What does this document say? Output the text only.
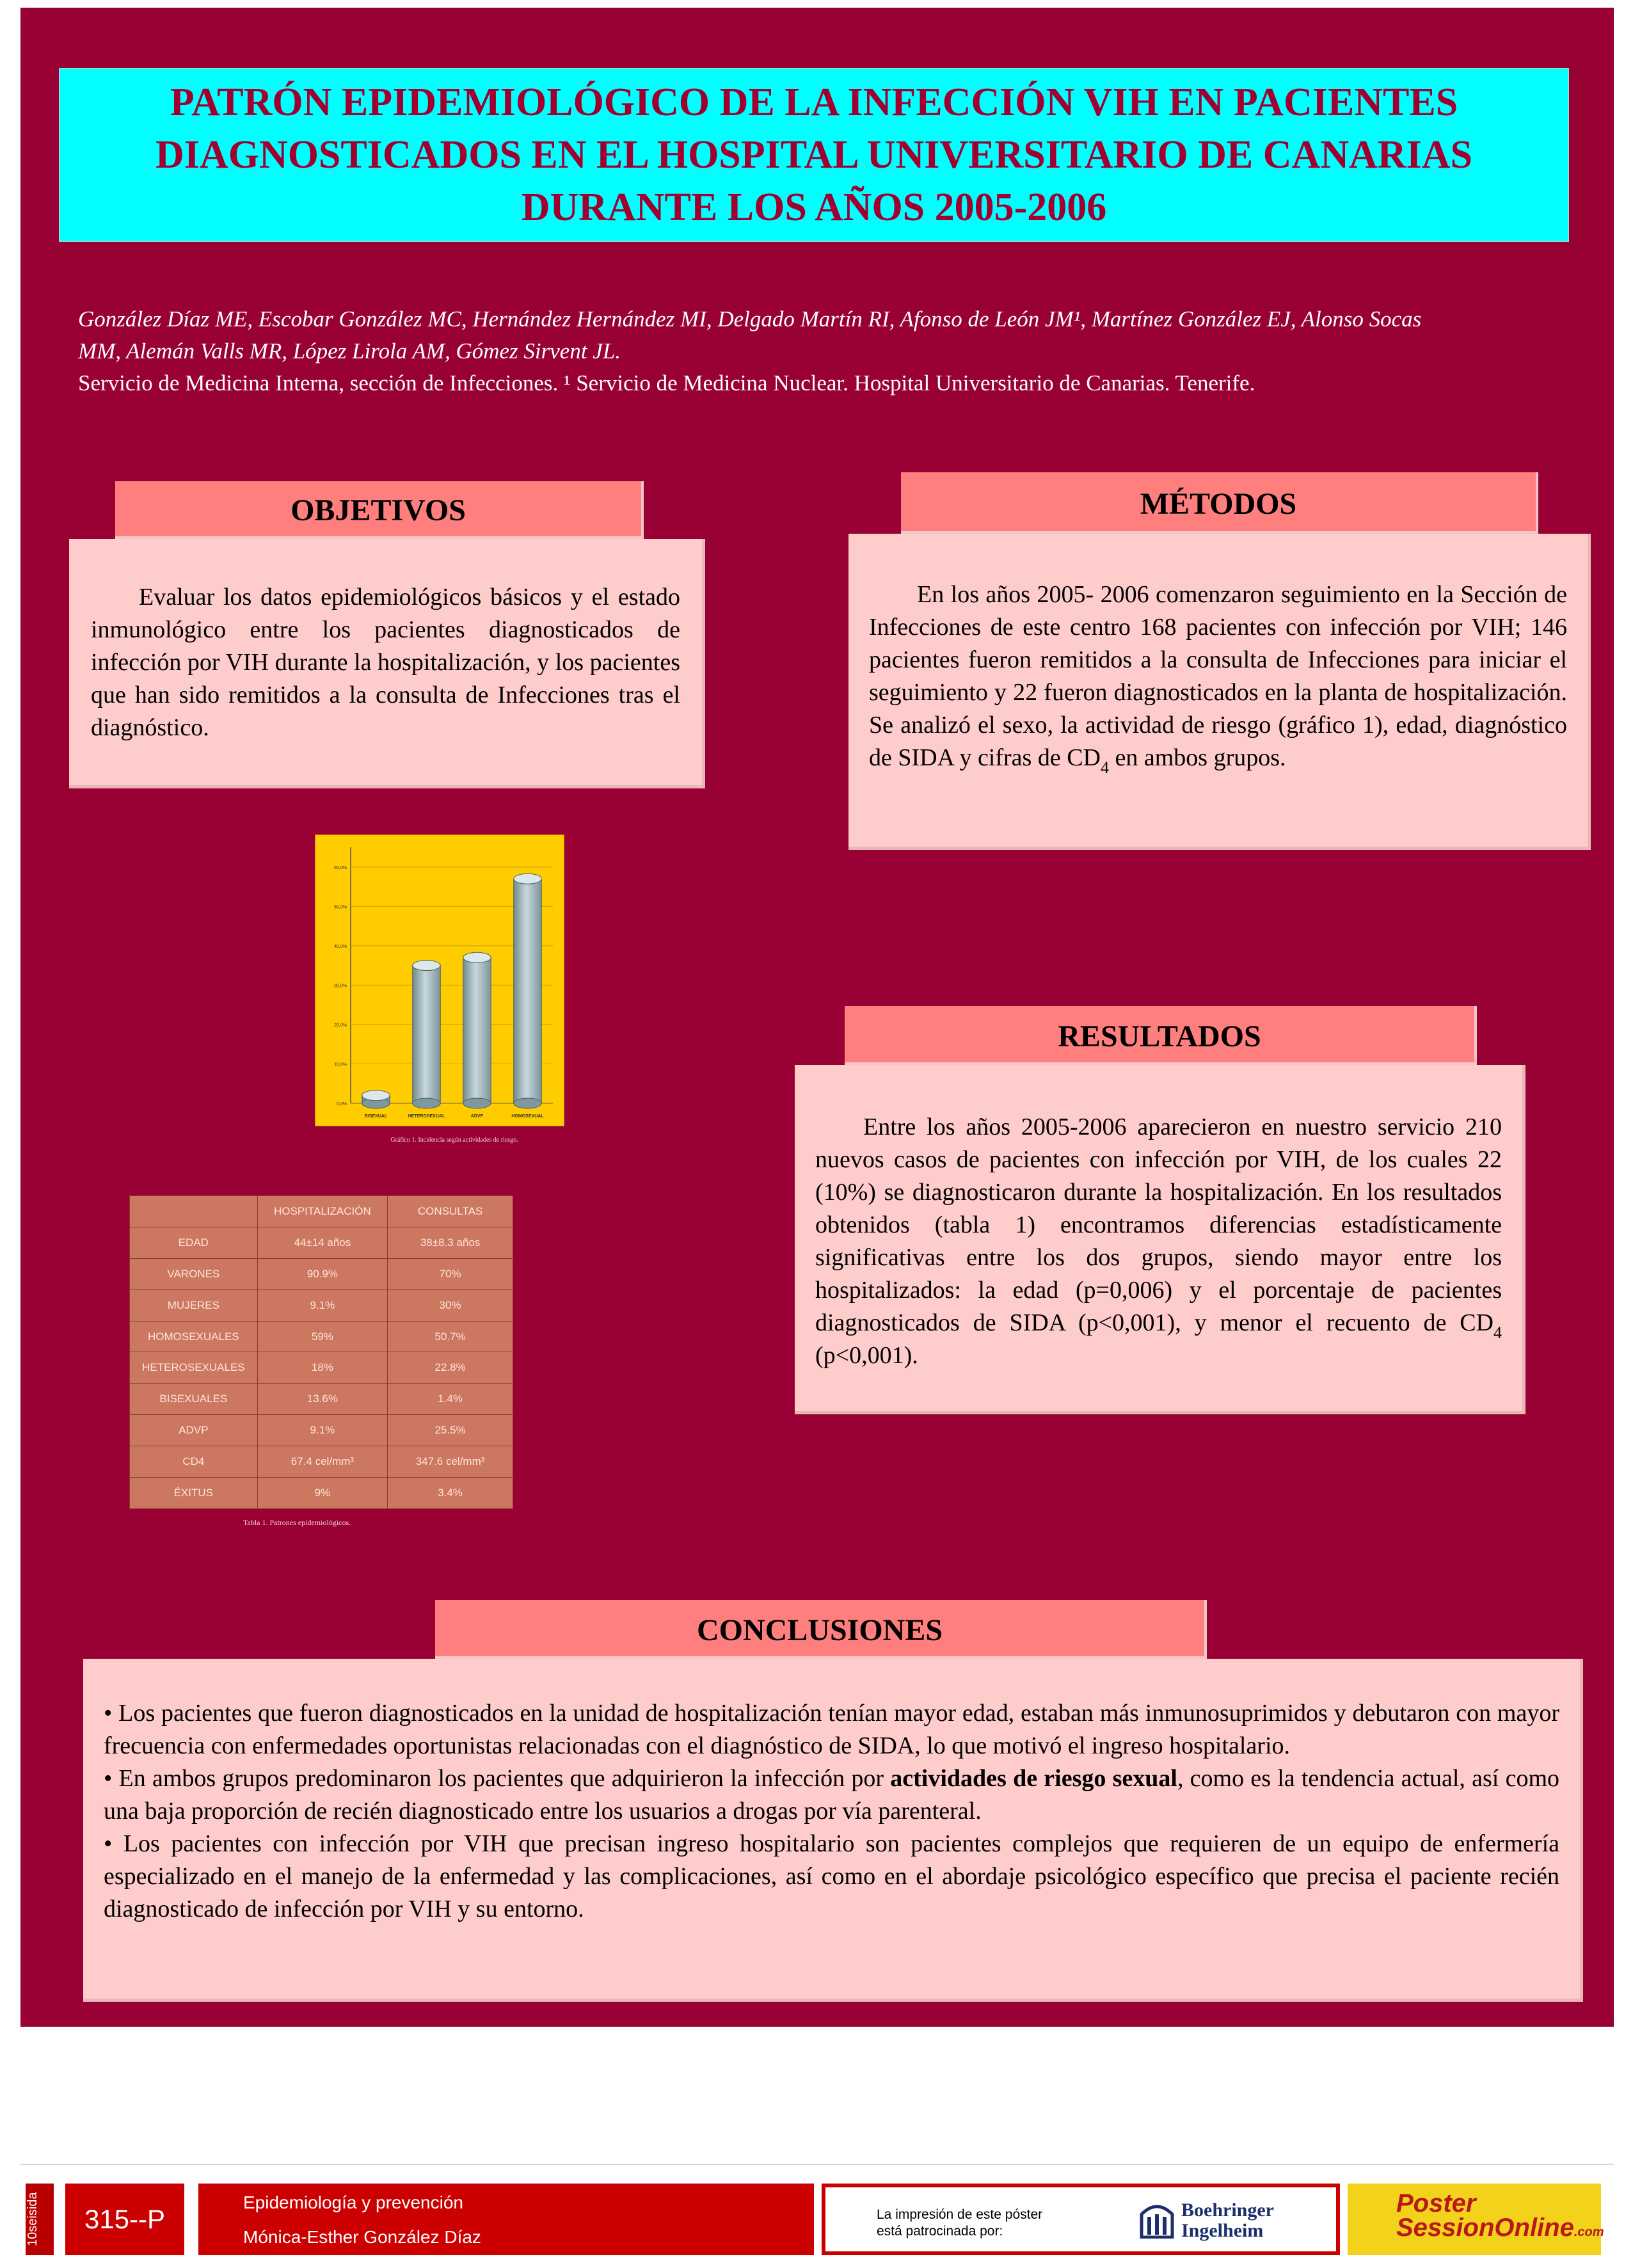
PATRÓN EPIDEMIOLÓGICO DE LA INFECCIÓN VIH EN PACIENTES
DIAGNOSTICADOS EN EL HOSPITAL UNIVERSITARIO DE CANARIAS
DURANTE LOS AÑOS 2005-2006
González Díaz ME, Escobar González MC, Hernández Hernández MI, Delgado Martín RI, Afonso de León JM¹, Martínez González EJ, Alonso Socas
MM, Alemán Valls MR, López Lirola AM, Gómez Sirvent JL.
Servicio de Medicina Interna, sección de Infecciones. ¹ Servicio de Medicina Nuclear. Hospital Universitario de Canarias. Tenerife.
OBJETIVOS

Evaluar los datos epidemiológicos básicos y el estado inmunológico entre los pacientes diagnosticados de infección por VIH durante la hospitalización, y los pacientes que han sido remitidos a la consulta de Infecciones tras el diagnóstico.

MÉTODOS

En los años 2005- 2006 comenzaron seguimiento en la Sección de Infecciones de este centro 168 pacientes con infección por VIH; 146 pacientes fueron remitidos a la consulta de Infecciones para iniciar el seguimiento y 22 fueron diagnosticados en la planta de hospitalización. Se analizó el sexo, la actividad de riesgo (gráfico 1), edad, diagnóstico de SIDA y cifras de $CD_4$ en ambos grupos.

0,0%
10,0%
20,0%
30,0%
40,0%
50,0%
60,0%
BISEXUAL	HETEROSEXUAL	ADVP	HOMOSEXUAL
Gráfico 1. Incidencia según actividades de riesgo.
	HOSPITALIZACIÓN	CONSULTAS
EDAD	44±14 años	38±8.3 años
VARONES	90.9%	70%
MUJERES	9.1%	30%
HOMOSEXUALES	59%	50.7%
HETEROSEXUALES	18%	22.8%
BISEXUALES	13.6%	1.4%
ADVP	9.1%	25.5%
CD4	67.4 cel/mm³	347.6 cel/mm³
ÉXITUS	9%	3.4%
Tabla 1. Patrones epidemiológicos.
RESULTADOS

Entre los años 2005-2006 aparecieron en nuestro servicio 210 nuevos casos de pacientes con infección por VIH, de los cuales 22 (10%) se diagnosticaron durante la hospitalización. En los resultados obtenidos (tabla 1) encontramos diferencias estadísticamente significativas entre los dos grupos, siendo mayor entre los hospitalizados: la edad (p=0,006) y el porcentaje de pacientes diagnosticados de SIDA (p<0,001), y menor el recuento de $CD_4$ (p<0,001).

CONCLUSIONES

• Los pacientes que fueron diagnosticados en la unidad de hospitalización tenían mayor edad, estaban más inmunosuprimidos y debutaron con mayor frecuencia con enfermedades oportunistas relacionadas con el diagnóstico de SIDA, lo que motivó el ingreso hospitalario.

• En ambos grupos predominaron los pacientes que adquirieron la infección por actividades de riesgo sexual, como es la tendencia actual, así como una baja proporción de recién diagnosticado entre los usuarios a drogas por vía parenteral.

• Los pacientes con infección por VIH que precisan ingreso hospitalario son pacientes complejos que requieren de un equipo de enfermería especializado en el manejo de la enfermedad y las complicaciones, así como en el abordaje psicológico específico que precisa el paciente recién diagnosticado de infección por VIH y su entorno.

10seisida	315--P
Epidemiología y prevención
Mónica-Esther González Díaz
La impresión de este póster
está patrocinada por:
Boehringer
Ingelheim
Poster
SessionOnline.com
